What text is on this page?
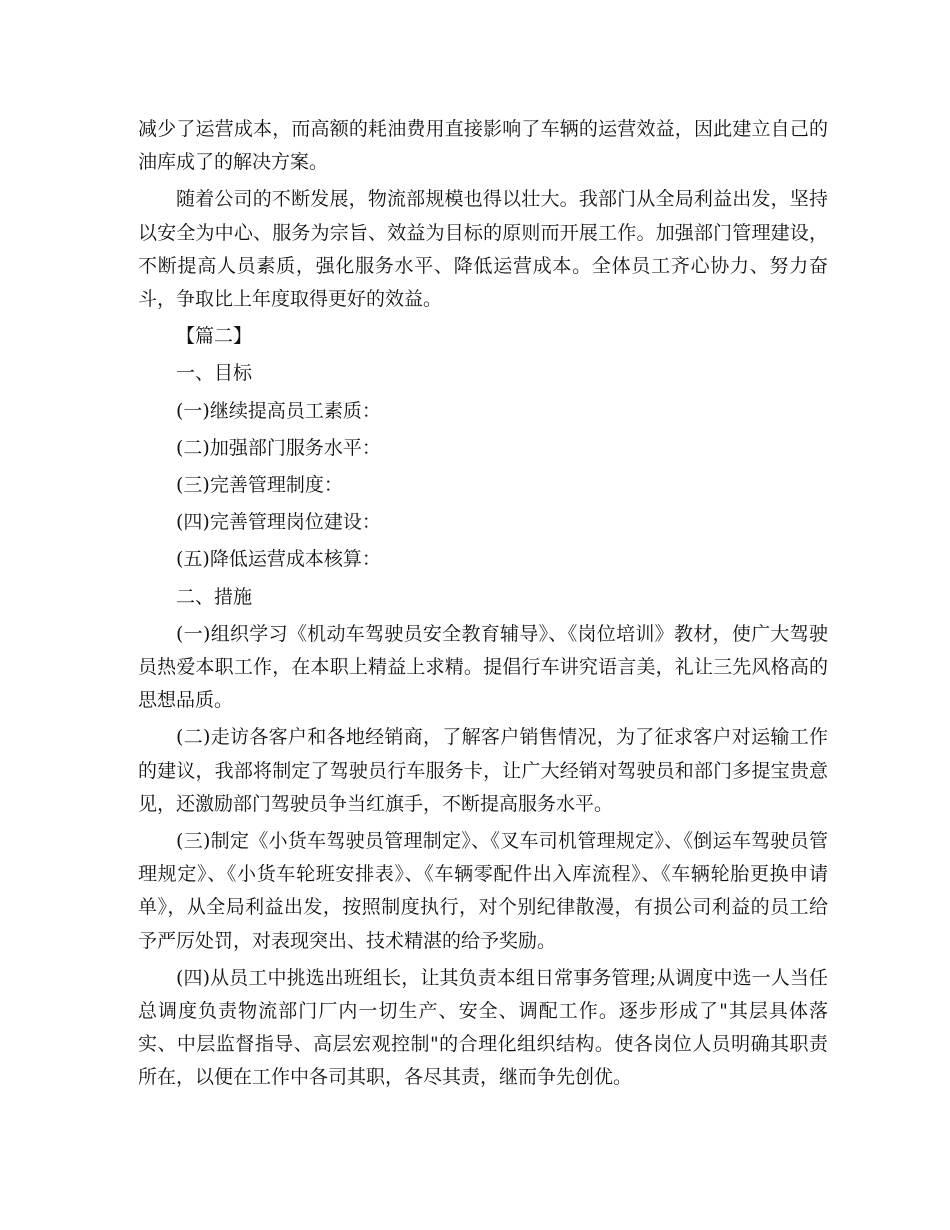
减少了运营成本，而高额的耗油费用直接影响了车辆的运营效益，因此建立自己的油库成了的解决方案。

随着公司的不断发展，物流部规模也得以壮大。我部门从全局利益出发，坚持以安全为中心、服务为宗旨、效益为目标的原则而开展工作。加强部门管理建设，不断提高人员素质，强化服务水平、降低运营成本。全体员工齐心协力、努力奋斗，争取比上年度取得更好的效益。

【篇二】

一、目标

(一)继续提高员工素质：

(二)加强部门服务水平：

(三)完善管理制度：

(四)完善管理岗位建设：

(五)降低运营成本核算：

二、措施

(一)组织学习《机动车驾驶员安全教育辅导》、《岗位培训》教材，使广大驾驶员热爱本职工作，在本职上精益上求精。提倡行车讲究语言美，礼让三先风格高的思想品质。

(二)走访各客户和各地经销商，了解客户销售情况，为了征求客户对运输工作的建议，我部将制定了驾驶员行车服务卡，让广大经销对驾驶员和部门多提宝贵意见，还激励部门驾驶员争当红旗手，不断提高服务水平。

(三)制定《小货车驾驶员管理制定》、《叉车司机管理规定》、《倒运车驾驶员管理规定》、《小货车轮班安排表》、《车辆零配件出入库流程》、《车辆轮胎更换申请单》，从全局利益出发，按照制度执行，对个别纪律散漫，有损公司利益的员工给予严厉处罚，对表现突出、技术精湛的给予奖励。

(四)从员工中挑选出班组长，让其负责本组日常事务管理;从调度中选一人当任总调度负责物流部门厂内一切生产、安全、调配工作。逐步形成了"其层具体落实、中层监督指导、高层宏观控制"的合理化组织结构。使各岗位人员明确其职责所在，以便在工作中各司其职，各尽其责，继而争先创优。
